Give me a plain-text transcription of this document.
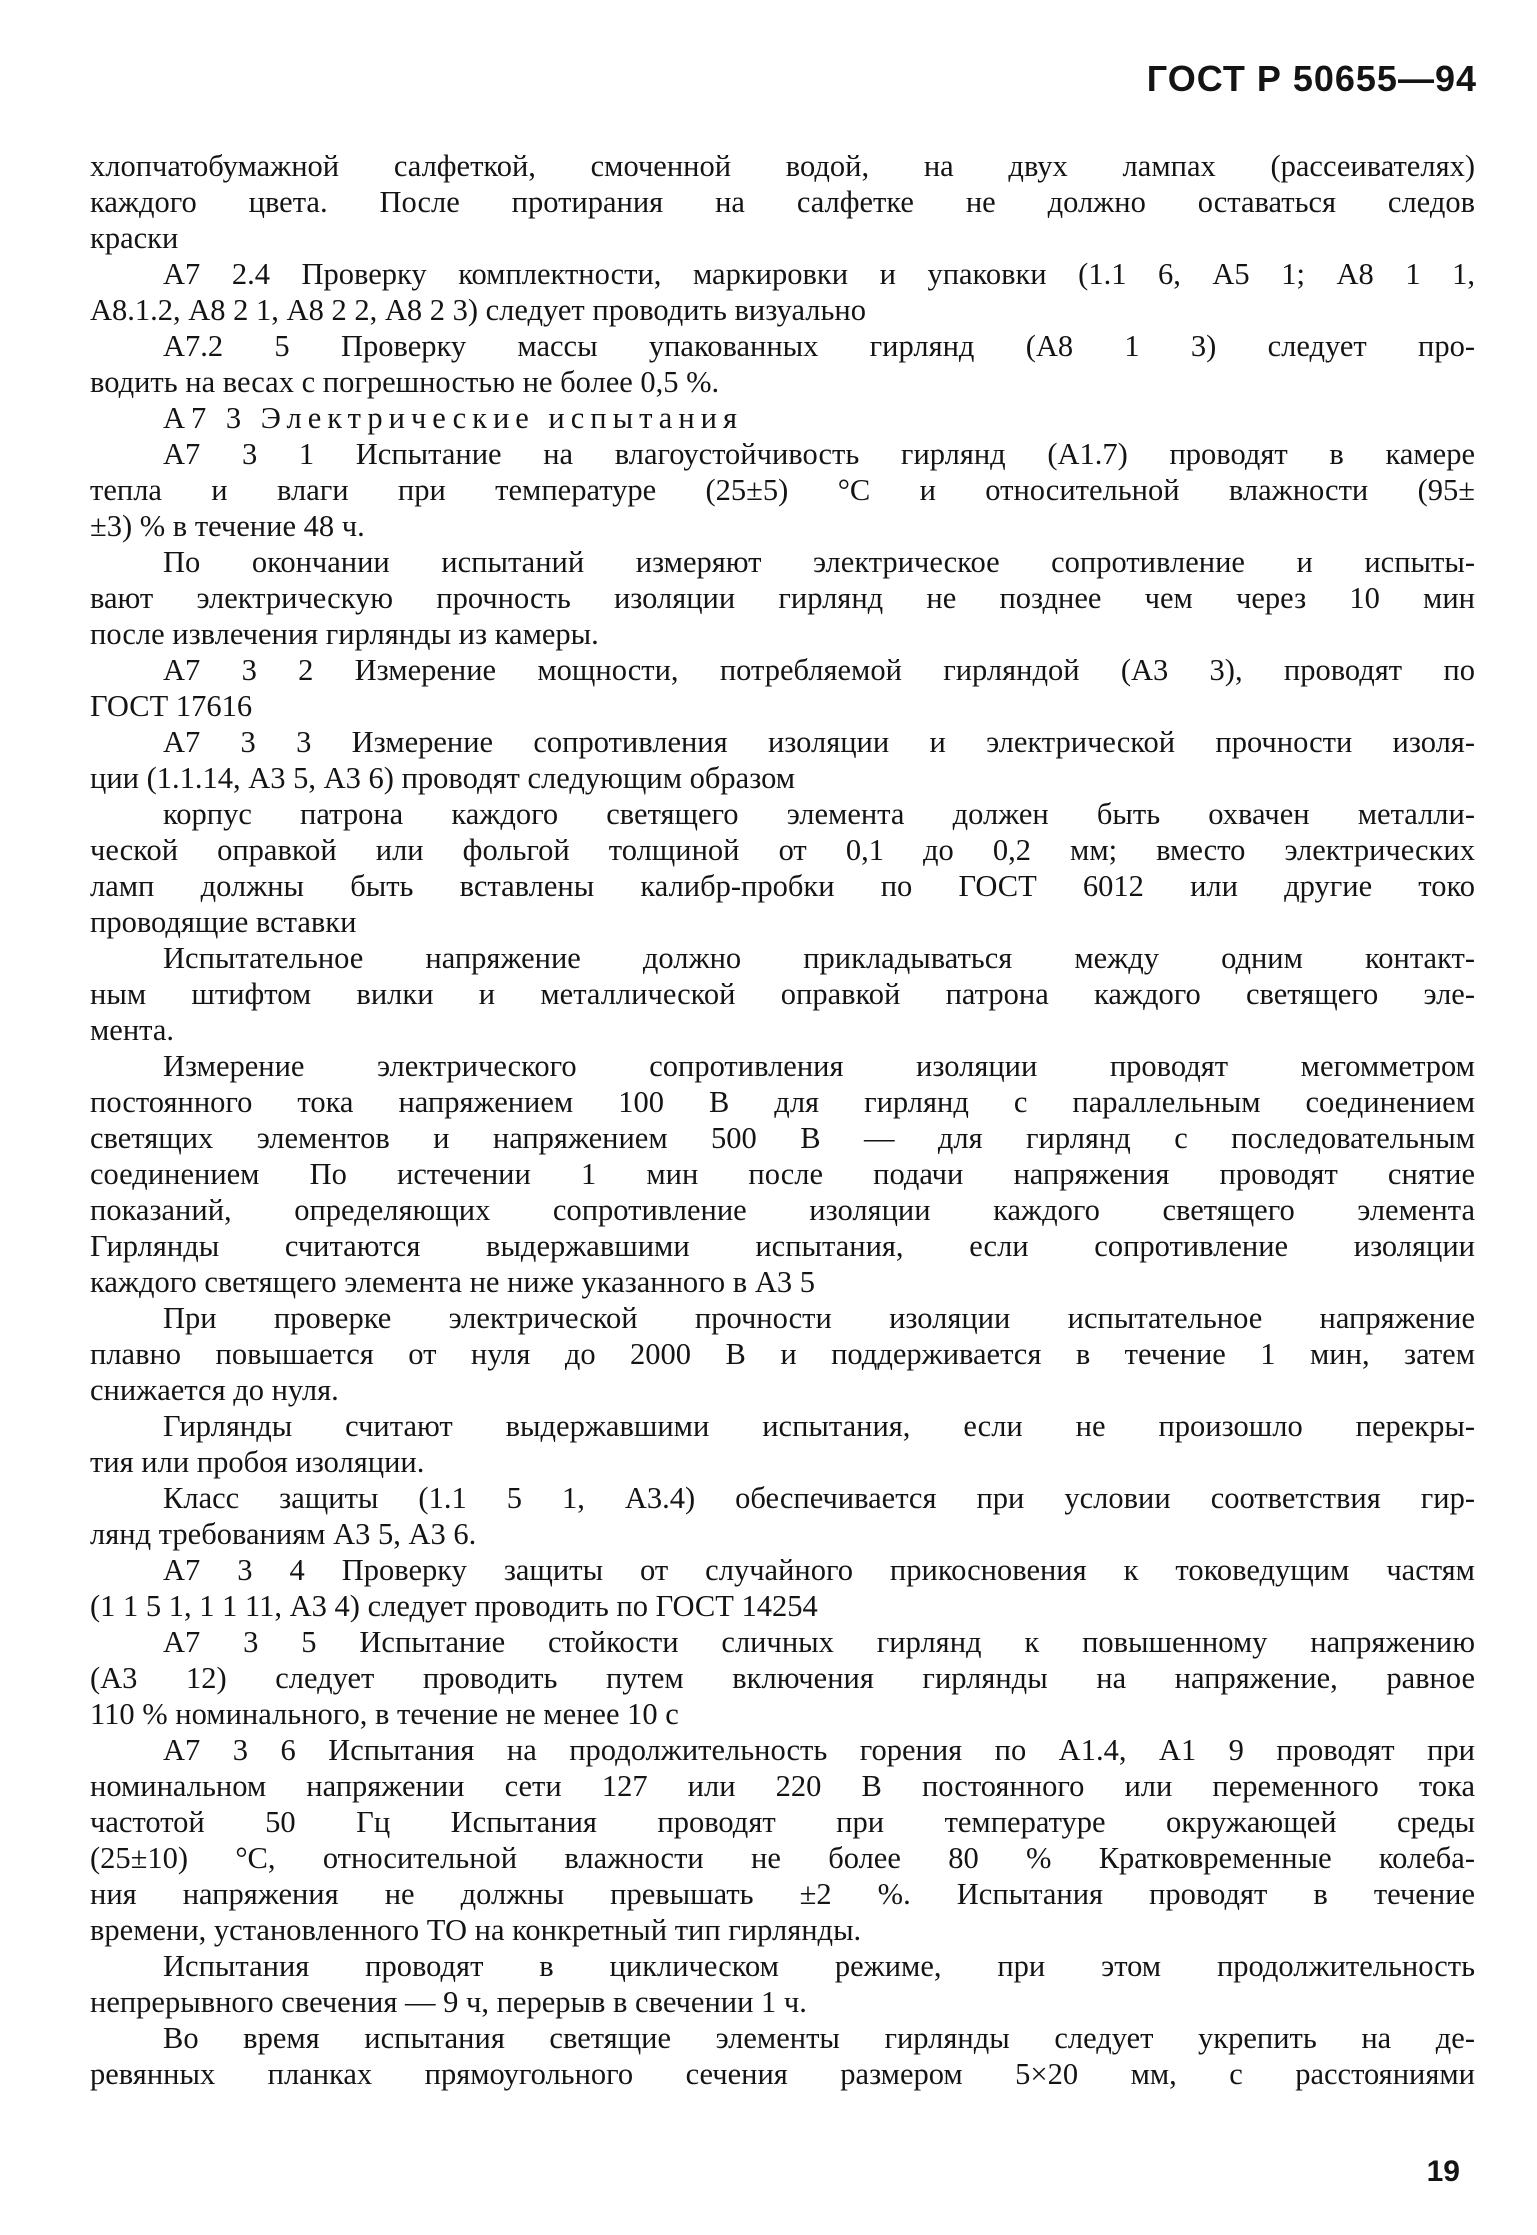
ГОСТ Р 50655—94
хлопчатобумажной салфеткой, смоченной водой, на двух лампах (рассеивателях)
каждого цвета. После протирания на салфетке не должно оставаться следов
краски
А7 2.4 Проверку комплектности, маркировки и упаковки (1.1 6, А5 1; А8 1 1,
А8.1.2, А8 2 1, А8 2 2, А8 2 3) следует проводить визуально
А7.2 5 Проверку массы упакованных гирлянд (А8 1 3) следует про-
водить на весах с погрешностью не более 0,5 %.
А7 3 Электрические испытания
А7 3 1 Испытание на влагоустойчивость гирлянд (А1.7) проводят в камере
тепла и влаги при температуре (25±5) °С и относительной влажности (95±
±3) % в течение 48 ч.
По окончании испытаний измеряют электрическое сопротивление и испыты-
вают электрическую прочность изоляции гирлянд не позднее чем через 10 мин
после извлечения гирлянды из камеры.
А7 3 2 Измерение мощности, потребляемой гирляндой (А3 3), проводят по
ГОСТ 17616
А7 3 3 Измерение сопротивления изоляции и электрической прочности изоля-
ции (1.1.14, А3 5, А3 6) проводят следующим образом
корпус патрона каждого светящего элемента должен быть охвачен металли-
ческой оправкой или фольгой толщиной от 0,1 до 0,2 мм; вместо электрических
ламп должны быть вставлены калибр-пробки по ГОСТ 6012 или другие токо
проводящие вставки
Испытательное напряжение должно прикладываться между одним контакт-
ным штифтом вилки и металлической оправкой патрона каждого светящего эле-
мента.
Измерение электрического сопротивления изоляции проводят мегомметром
постоянного тока напряжением 100 В для гирлянд с параллельным соединением
светящих элементов и напряжением 500 В — для гирлянд с последовательным
соединением По истечении 1 мин после подачи напряжения проводят снятие
показаний, определяющих сопротивление изоляции каждого светящего элемента
Гирлянды считаются выдержавшими испытания, если сопротивление изоляции
каждого светящего элемента не ниже указанного в А3 5
При проверке электрической прочности изоляции испытательное напряжение
плавно повышается от нуля до 2000 В и поддерживается в течение 1 мин, затем
снижается до нуля.
Гирлянды считают выдержавшими испытания, если не произошло перекры-
тия или пробоя изоляции.
Класс защиты (1.1 5 1, А3.4) обеспечивается при условии соответствия гир-
лянд требованиям А3 5, А3 6.
А7 3 4 Проверку защиты от случайного прикосновения к токоведущим частям
(1 1 5 1, 1 1 11, А3 4) следует проводить по ГОСТ 14254
А7 3 5 Испытание стойкости сличных гирлянд к повышенному напряжению
(А3 12) следует проводить путем включения гирлянды на напряжение, равное
110 % номинального, в течение не менее 10 с
А7 3 6 Испытания на продолжительность горения по А1.4, А1 9 проводят при
номинальном напряжении сети 127 или 220 В постоянного или переменного тока
частотой 50 Гц Испытания проводят при температуре окружающей среды
(25±10) °С, относительной влажности не более 80 % Кратковременные колеба-
ния напряжения не должны превышать ±2 %. Испытания проводят в течение
времени, установленного ТО на конкретный тип гирлянды.
Испытания проводят в циклическом режиме, при этом продолжительность
непрерывного свечения — 9 ч, перерыв в свечении 1 ч.
Во время испытания светящие элементы гирлянды следует укрепить на де-
ревянных планках прямоугольного сечения размером 5×20 мм, с расстояниями
19
